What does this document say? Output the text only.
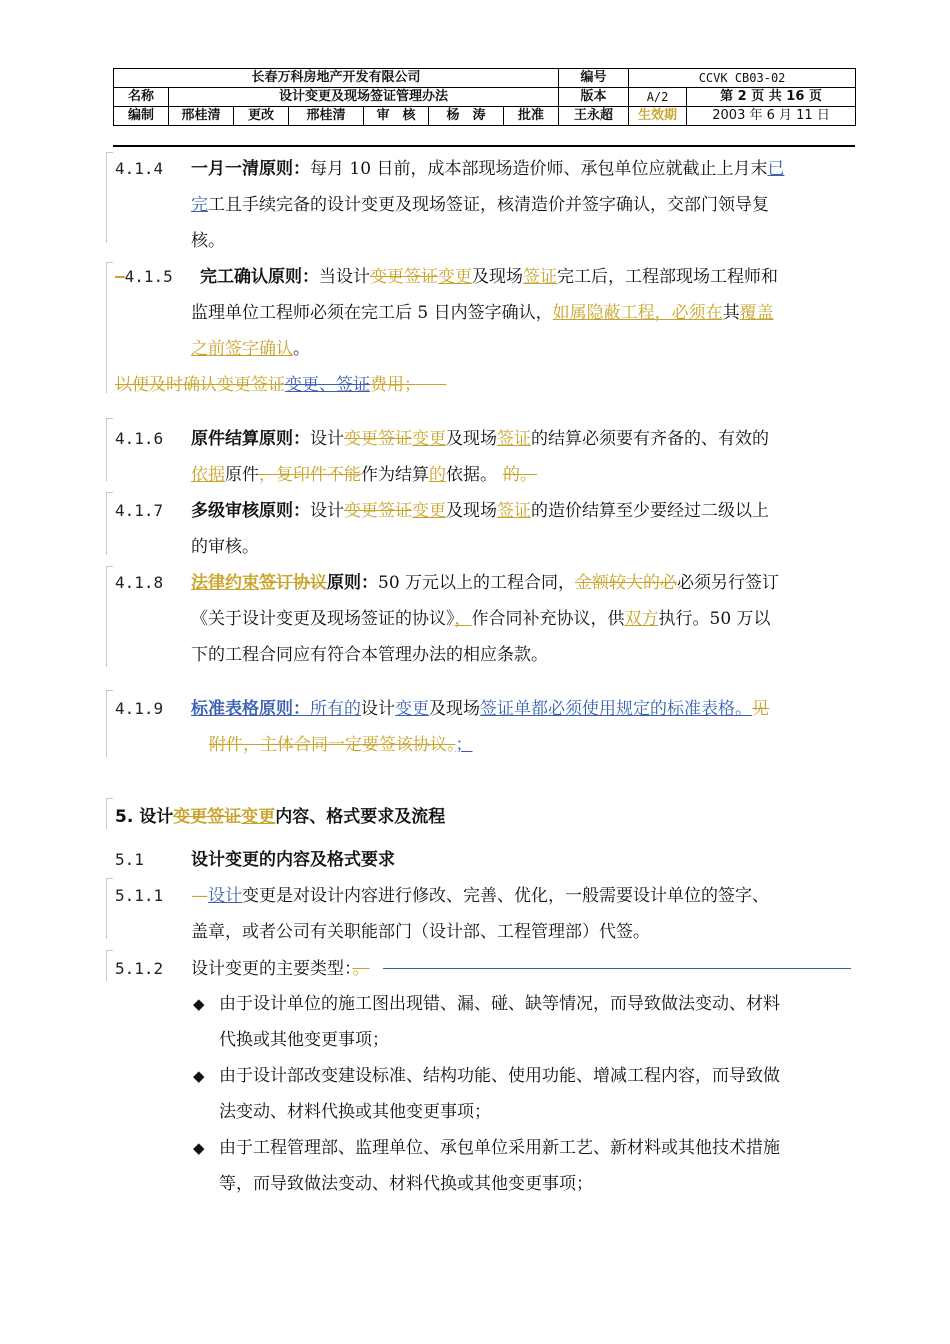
长春万科房地产开发有限公司							编号	CCVK CB03-02	
名称	设计变更及现场签证管理办法						版本	A/2	第 2 页 共 16 页
编制	邢桂清	更改	邢桂清	审　核	杨　涛	批准	王永超	生效期	2003 年 6 月 11 日
4.1.4 一月一清原则：每月 10 日前，成本部现场造价师、承包单位应就截止上月末已
完工且手续完备的设计变更及现场签证，核清造价并签字确认，交部门领导复
核。
–4.1.5 完工确认原则：当设计变更签证变更及现场签证完工后，工程部现场工程师和
监理单位工程师必须在完工后 5 日内签字确认，如属隐蔽工程，必须在其覆盖
之前签字确认。
以便及时确认变更签证变更、签证费用；　　
4.1.6 原件结算原则：设计变更签证变更及现场签证的结算必须要有齐备的、有效的
依据原件，复印件不能作为结算的依据。 的。
4.1.7 多级审核原则：设计变更签证变更及现场签证的造价结算至少要经过二级以上
的审核。
4.1.8 法律约束签订协议原则：50 万元以上的工程合同，金额较大的必必须另行签订
《关于设计变更及现场签证的协议》，作合同补充协议，供双方执行。50 万以
下的工程合同应有符合本管理办法的相应条款。
4.1.9 标准表格原则：所有的设计变更及现场签证单都必须使用规定的标准表格。见
附件，主体合同一定要签该协议。；
5. 设计变更签证变更内容、格式要求及流程
5.1	设计变更的内容及格式要求
5.1.1 —设计变更是对设计内容进行修改、完善、优化，一般需要设计单位的签字、
盖章，或者公司有关职能部门（设计部、工程管理部）代签。
5.1.2 设计变更的主要类型：。
◆ 由于设计单位的施工图出现错、漏、碰、缺等情况，而导致做法变动、材料
代换或其他变更事项；
◆ 由于设计部改变建设标准、结构功能、使用功能、增减工程内容，而导致做
法变动、材料代换或其他变更事项；
◆ 由于工程管理部、监理单位、承包单位采用新工艺、新材料或其他技术措施
等，而导致做法变动、材料代换或其他变更事项；
